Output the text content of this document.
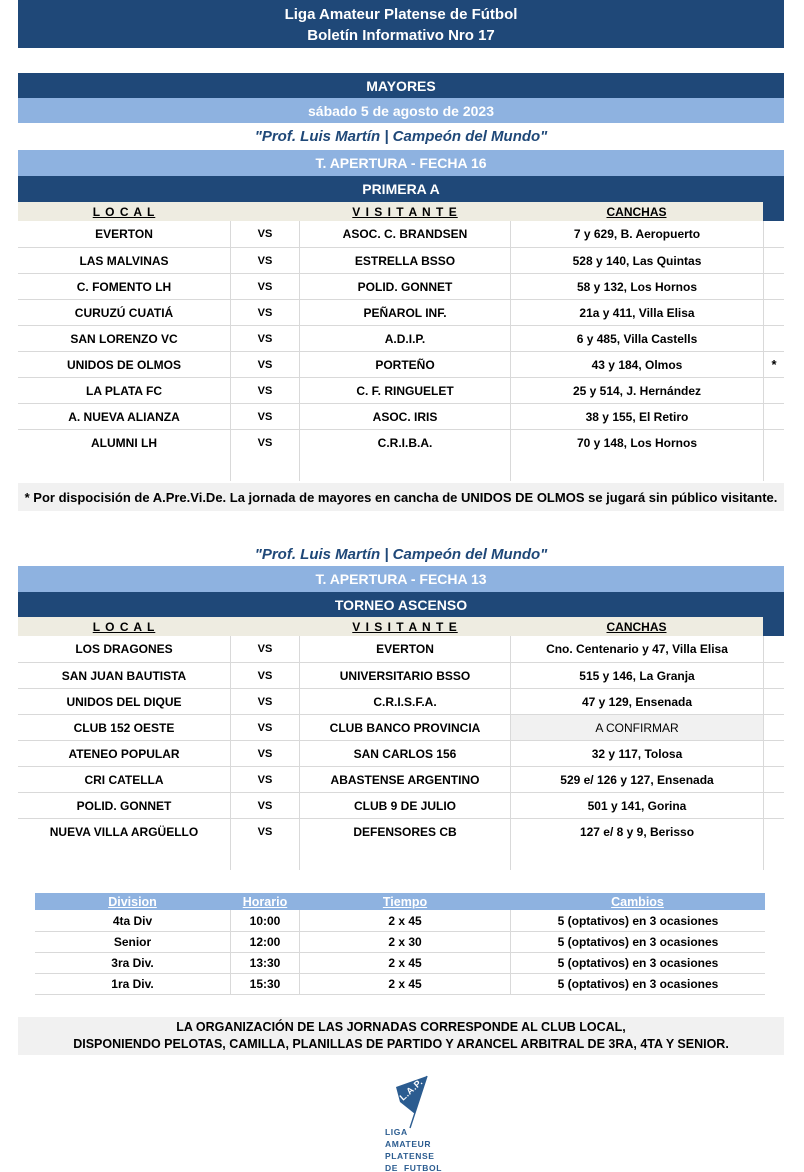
Liga Amateur Platense de Fútbol
Boletín Informativo Nro 17
MAYORES
sábado 5 de agosto de 2023
"Prof. Luis Martín | Campeón del Mundo"
T. APERTURA - FECHA 16
PRIMERA A
L O C A L	V I S I T A N T E	CANCHAS
EVERTON	VS	ASOC. C. BRANDSEN	7 y 629, B. Aeropuerto
LAS MALVINAS	VS	ESTRELLA BSSO	528 y 140, Las Quintas
C. FOMENTO LH	VS	POLID. GONNET	58 y 132, Los Hornos
CURUZÚ CUATIÁ	VS	PEÑAROL INF.	21a y 411, Villa Elisa
SAN LORENZO VC	VS	A.D.I.P.	6 y 485, Villa Castells
UNIDOS DE OLMOS	VS	PORTEÑO	43 y 184, Olmos	*
LA PLATA FC	VS	C. F. RINGUELET	25 y 514, J. Hernández
A. NUEVA ALIANZA	VS	ASOC. IRIS	38 y 155, El Retiro
ALUMNI LH	VS	C.R.I.B.A.	70 y 148, Los Hornos
* Por dispocisión de A.Pre.Vi.De. La jornada de mayores en cancha de UNIDOS DE OLMOS se jugará sin público visitante.
"Prof. Luis Martín | Campeón del Mundo"
T. APERTURA - FECHA 13
TORNEO ASCENSO
L O C A L	V I S I T A N T E	CANCHAS
LOS DRAGONES	VS	EVERTON	Cno. Centenario y 47, Villa Elisa
SAN JUAN BAUTISTA	VS	UNIVERSITARIO BSSO	515 y 146, La Granja
UNIDOS DEL DIQUE	VS	C.R.I.S.F.A.	47 y 129, Ensenada
CLUB 152 OESTE	VS	CLUB BANCO PROVINCIA	A CONFIRMAR
ATENEO POPULAR	VS	SAN CARLOS 156	32 y 117, Tolosa
CRI CATELLA	VS	ABASTENSE ARGENTINO	529 e/ 126 y 127, Ensenada
POLID. GONNET	VS	CLUB 9 DE JULIO	501 y 141, Gorina
NUEVA VILLA ARGÜELLO	VS	DEFENSORES CB	127 e/ 8 y 9, Berisso
Division	Horario	Tiempo	Cambios
4ta Div	10:00	2 x 45	5 (optativos) en 3 ocasiones
Senior	12:00	2 x 30	5 (optativos) en 3 ocasiones
3ra Div.	13:30	2 x 45	5 (optativos) en 3 ocasiones
1ra Div.	15:30	2 x 45	5 (optativos) en 3 ocasiones
LA ORGANIZACIÓN DE LAS JORNADAS CORRESPONDE AL CLUB LOCAL,
DISPONIENDO PELOTAS, CAMILLA, PLANILLAS DE PARTIDO Y ARANCEL ARBITRAL DE 3RA, 4TA Y SENIOR.
L.A.P.
LIGA
AMATEUR
PLATENSE
DE FUTBOL
